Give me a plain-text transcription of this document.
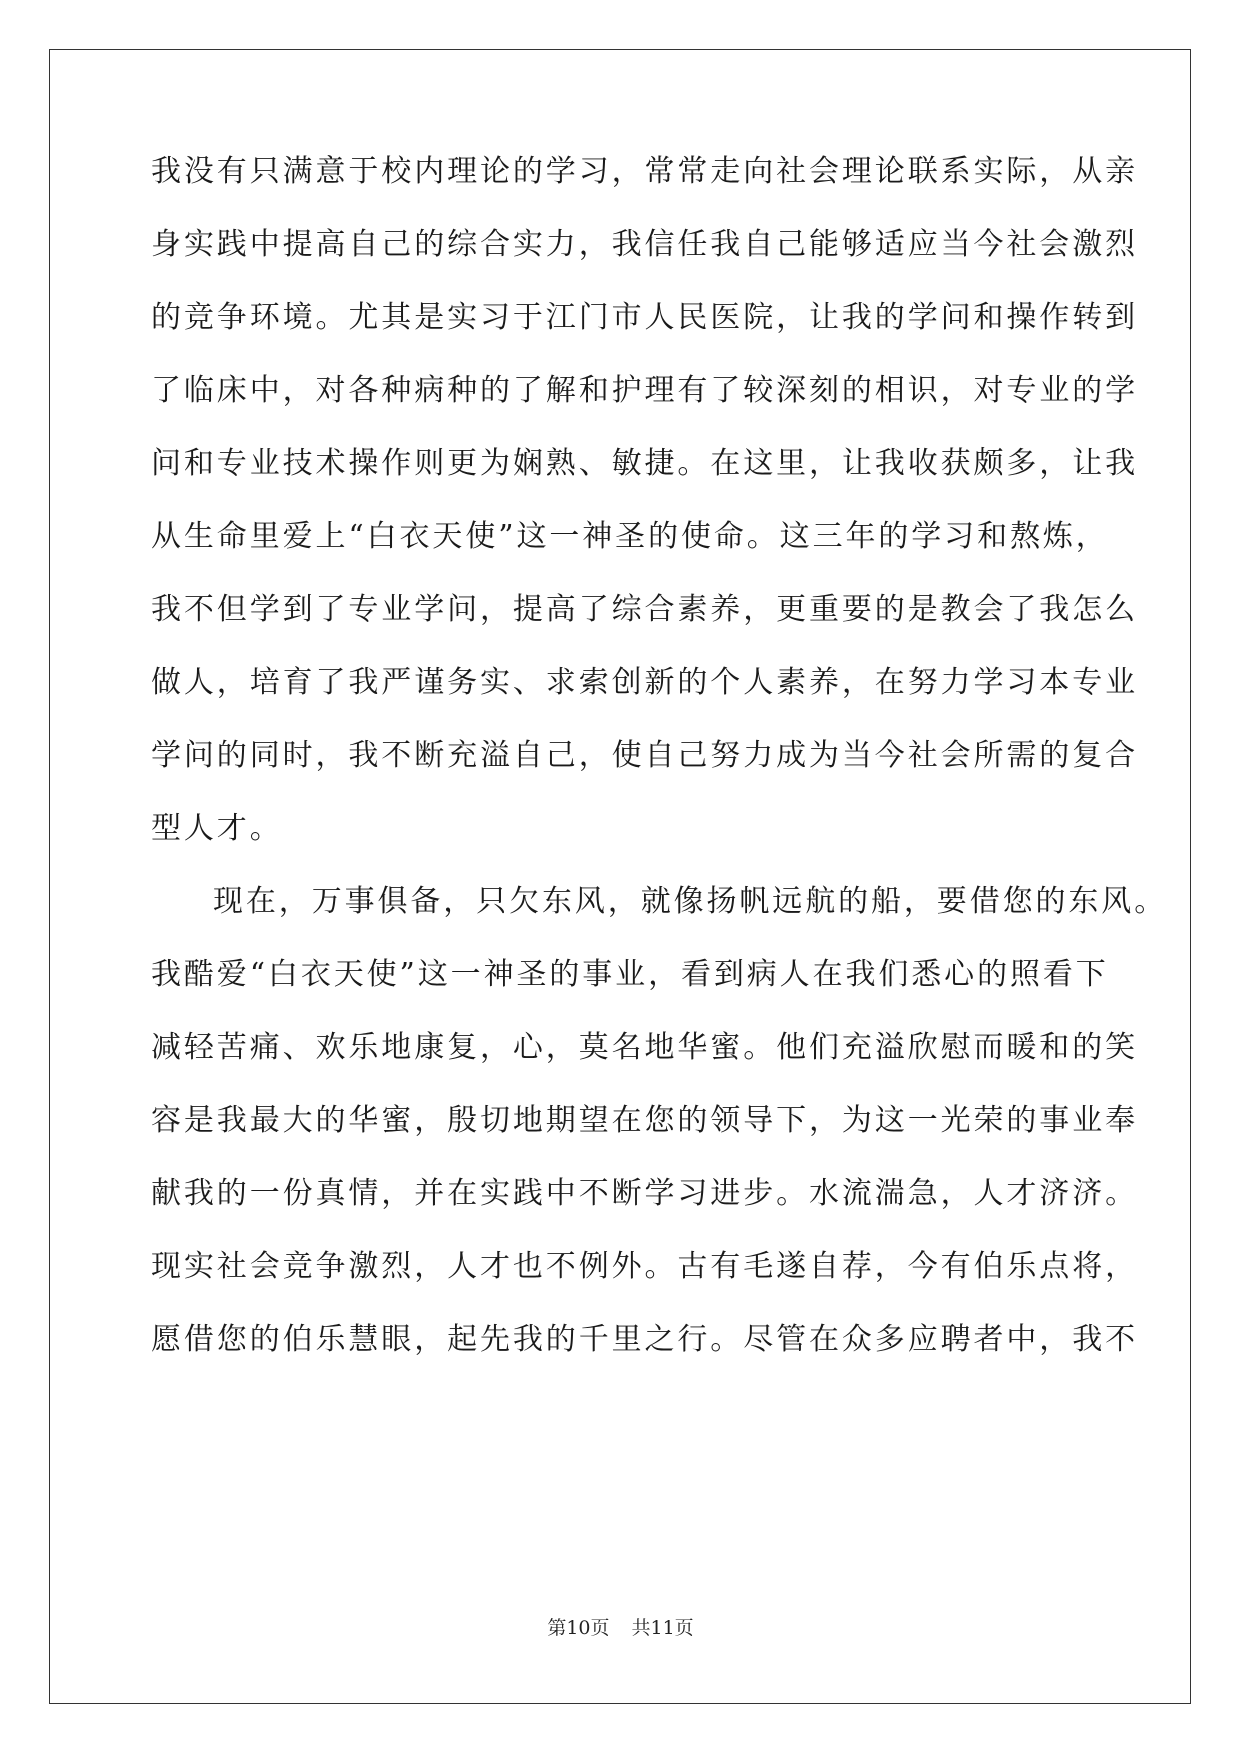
我没有只满意于校内理论的学习，常常走向社会理论联系实际，从亲
身实践中提高自己的综合实力，我信任我自己能够适应当今社会激烈
的竞争环境。尤其是实习于江门市人民医院，让我的学问和操作转到
了临床中，对各种病种的了解和护理有了较深刻的相识，对专业的学
问和专业技术操作则更为娴熟、敏捷。在这里，让我收获颇多，让我
从生命里爱上“白衣天使”这一神圣的使命。这三年的学习和熬炼，
我不但学到了专业学问，提高了综合素养，更重要的是教会了我怎么
做人，培育了我严谨务实、求索创新的个人素养，在努力学习本专业
学问的同时，我不断充溢自己，使自己努力成为当今社会所需的复合
型人才。
现在，万事俱备，只欠东风，就像扬帆远航的船，要借您的东风。
我酷爱“白衣天使”这一神圣的事业，看到病人在我们悉心的照看下
减轻苦痛、欢乐地康复，心，莫名地华蜜。他们充溢欣慰而暖和的笑
容是我最大的华蜜，殷切地期望在您的领导下，为这一光荣的事业奉
献我的一份真情，并在实践中不断学习进步。水流湍急，人才济济。
现实社会竞争激烈，人才也不例外。古有毛遂自荐，今有伯乐点将，
愿借您的伯乐慧眼，起先我的千里之行。尽管在众多应聘者中，我不
第10页 共11页
